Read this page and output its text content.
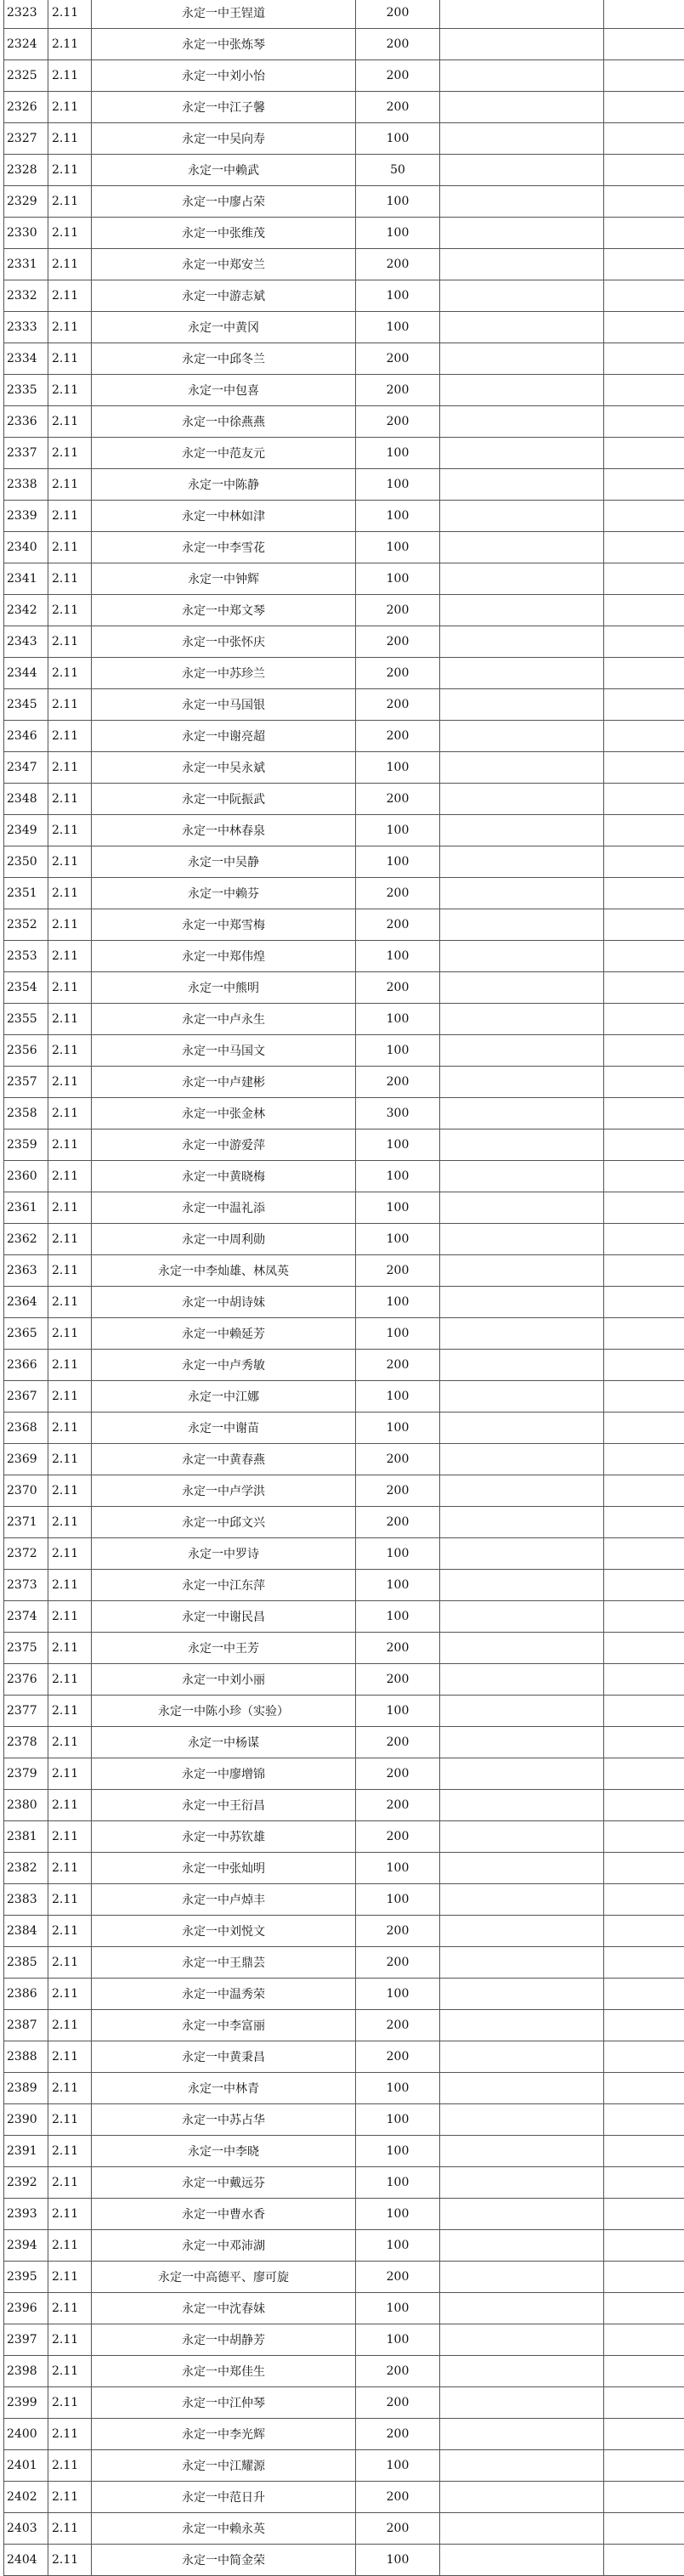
2323	2.11	永定一中王锃道	200		
2324	2.11	永定一中张炼琴	200		
2325	2.11	永定一中刘小怡	200		
2326	2.11	永定一中江子馨	200		
2327	2.11	永定一中吴向寿	100		
2328	2.11	永定一中赖武	50		
2329	2.11	永定一中廖占荣	100		
2330	2.11	永定一中张维茂	100		
2331	2.11	永定一中郑安兰	200		
2332	2.11	永定一中游志斌	100		
2333	2.11	永定一中黄冈	100		
2334	2.11	永定一中邱冬兰	200		
2335	2.11	永定一中包喜	200		
2336	2.11	永定一中徐燕燕	200		
2337	2.11	永定一中范友元	100		
2338	2.11	永定一中陈静	100		
2339	2.11	永定一中林如津	100		
2340	2.11	永定一中李雪花	100		
2341	2.11	永定一中钟辉	100		
2342	2.11	永定一中郑文琴	200		
2343	2.11	永定一中张怀庆	200		
2344	2.11	永定一中苏珍兰	200		
2345	2.11	永定一中马国银	200		
2346	2.11	永定一中谢亮超	200		
2347	2.11	永定一中吴永斌	100		
2348	2.11	永定一中阮振武	200		
2349	2.11	永定一中林春泉	100		
2350	2.11	永定一中吴静	100		
2351	2.11	永定一中赖芬	200		
2352	2.11	永定一中郑雪梅	200		
2353	2.11	永定一中郑伟煌	100		
2354	2.11	永定一中熊明	200		
2355	2.11	永定一中卢永生	100		
2356	2.11	永定一中马国文	100		
2357	2.11	永定一中卢建彬	200		
2358	2.11	永定一中张金林	300		
2359	2.11	永定一中游爱萍	100		
2360	2.11	永定一中黄晓梅	100		
2361	2.11	永定一中温礼添	100		
2362	2.11	永定一中周利勋	100		
2363	2.11	永定一中李灿雄、林凤英	200		
2364	2.11	永定一中胡诗妹	100		
2365	2.11	永定一中赖延芳	100		
2366	2.11	永定一中卢秀敏	200		
2367	2.11	永定一中江娜	100		
2368	2.11	永定一中谢苗	100		
2369	2.11	永定一中黄春燕	200		
2370	2.11	永定一中卢学洪	200		
2371	2.11	永定一中邱文兴	200		
2372	2.11	永定一中罗诗	100		
2373	2.11	永定一中江东萍	100		
2374	2.11	永定一中谢民昌	100		
2375	2.11	永定一中王芳	200		
2376	2.11	永定一中刘小丽	200		
2377	2.11	永定一中陈小珍（实验）	100		
2378	2.11	永定一中杨谋	200		
2379	2.11	永定一中廖增锦	200		
2380	2.11	永定一中王衍昌	200		
2381	2.11	永定一中苏钦雄	200		
2382	2.11	永定一中张灿明	100		
2383	2.11	永定一中卢焯丰	100		
2384	2.11	永定一中刘悦文	200		
2385	2.11	永定一中王鼎芸	200		
2386	2.11	永定一中温秀荣	100		
2387	2.11	永定一中李富丽	200		
2388	2.11	永定一中黄秉昌	200		
2389	2.11	永定一中林青	100		
2390	2.11	永定一中苏占华	100		
2391	2.11	永定一中李晓	100		
2392	2.11	永定一中戴远芬	100		
2393	2.11	永定一中曹水香	100		
2394	2.11	永定一中邓沛湖	100		
2395	2.11	永定一中高德平、廖可旋	200		
2396	2.11	永定一中沈春妹	100		
2397	2.11	永定一中胡静芳	100		
2398	2.11	永定一中郑佳生	200		
2399	2.11	永定一中江仲琴	200		
2400	2.11	永定一中李光辉	200		
2401	2.11	永定一中江耀源	100		
2402	2.11	永定一中范日升	200		
2403	2.11	永定一中赖永英	200		
2404	2.11	永定一中简金荣	100		
